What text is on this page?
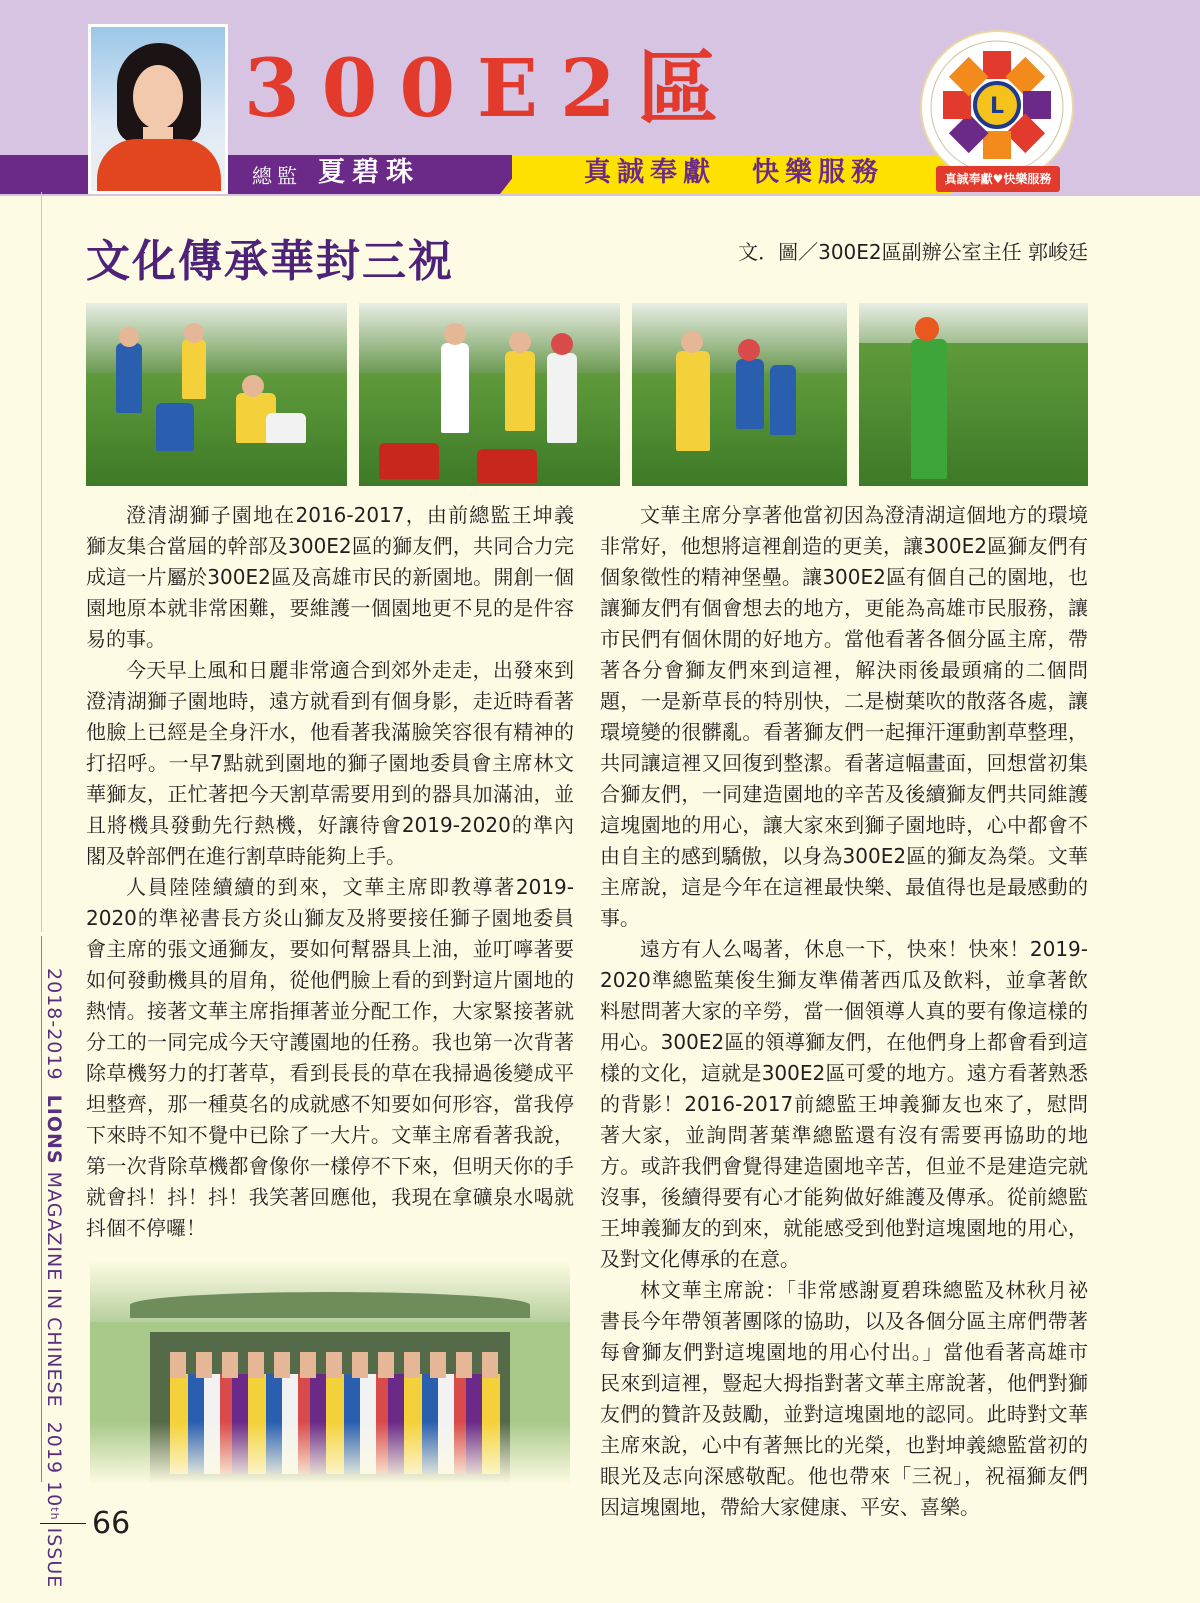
300E2區
總監 夏碧珠	真誠奉獻 快樂服務
L
真誠奉獻♥快樂服務
文化傳承華封三祝	文．圖／300E2區副辦公室主任 郭峻廷

澄清湖獅子園地在2016-2017，由前總監王坤義獅友集合當屆的幹部及300E2區的獅友們，共同合力完成這一片屬於300E2區及高雄市民的新園地。開創一個園地原本就非常困難，要維護一個園地更不見的是件容易的事。

今天早上風和日麗非常適合到郊外走走，出發來到澄清湖獅子園地時，遠方就看到有個身影，走近時看著他臉上已經是全身汗水，他看著我滿臉笑容很有精神的打招呼。一早7點就到園地的獅子園地委員會主席林文華獅友，正忙著把今天割草需要用到的器具加滿油，並且將機具發動先行熱機，好讓待會2019-2020的準內閣及幹部們在進行割草時能夠上手。

人員陸陸續續的到來，文華主席即教導著2019-2020的準祕書長方炎山獅友及將要接任獅子園地委員會主席的張文通獅友，要如何幫器具上油，並叮嚀著要如何發動機具的眉角，從他們臉上看的到對這片園地的熱情。接著文華主席指揮著並分配工作，大家緊接著就分工的一同完成今天守護園地的任務。我也第一次背著除草機努力的打著草，看到長長的草在我掃過後變成平坦整齊，那一種莫名的成就感不知要如何形容，當我停下來時不知不覺中已除了一大片。文華主席看著我說，第一次背除草機都會像你一樣停不下來，但明天你的手就會抖！抖！抖！我笑著回應他，我現在拿礦泉水喝就抖個不停囉！

文華主席分享著他當初因為澄清湖這個地方的環境非常好，他想將這裡創造的更美，讓300E2區獅友們有個象徵性的精神堡壘。讓300E2區有個自己的園地，也讓獅友們有個會想去的地方，更能為高雄市民服務，讓市民們有個休閒的好地方。當他看著各個分區主席，帶著各分會獅友們來到這裡，解決雨後最頭痛的二個問題，一是新草長的特別快，二是樹葉吹的散落各處，讓環境變的很髒亂。看著獅友們一起揮汗運動割草整理，共同讓這裡又回復到整潔。看著這幅畫面，回想當初集合獅友們，一同建造園地的辛苦及後續獅友們共同維護這塊園地的用心，讓大家來到獅子園地時，心中都會不由自主的感到驕傲，以身為300E2區的獅友為榮。文華主席說，這是今年在這裡最快樂、最值得也是最感動的事。

遠方有人么喝著，休息一下，快來！快來！2019-2020準總監葉俊生獅友準備著西瓜及飲料，並拿著飲料慰問著大家的辛勞，當一個領導人真的要有像這樣的用心。300E2區的領導獅友們，在他們身上都會看到這樣的文化，這就是300E2區可愛的地方。遠方看著熟悉的背影！2016-2017前總監王坤義獅友也來了，慰問著大家，並詢問著葉準總監還有沒有需要再協助的地方。或許我們會覺得建造園地辛苦，但並不是建造完就沒事，後續得要有心才能夠做好維護及傳承。從前總監王坤義獅友的到來，就能感受到他對這塊園地的用心，及對文化傳承的在意。

林文華主席說：「非常感謝夏碧珠總監及林秋月祕書長今年帶領著團隊的協助，以及各個分區主席們帶著每會獅友們對這塊園地的用心付出。」當他看著高雄市民來到這裡，豎起大拇指對著文華主席說著，他們對獅友們的贊許及鼓勵，並對這塊園地的認同。此時對文華主席來說，心中有著無比的光榮，也對坤義總監當初的眼光及志向深感敬配。他也帶來「三祝」，祝福獅友們因這塊園地，帶給大家健康、平安、喜樂。

2018-2019  LIONS MAGAZINE IN CHINESE  2019 10th ISSUE
66
